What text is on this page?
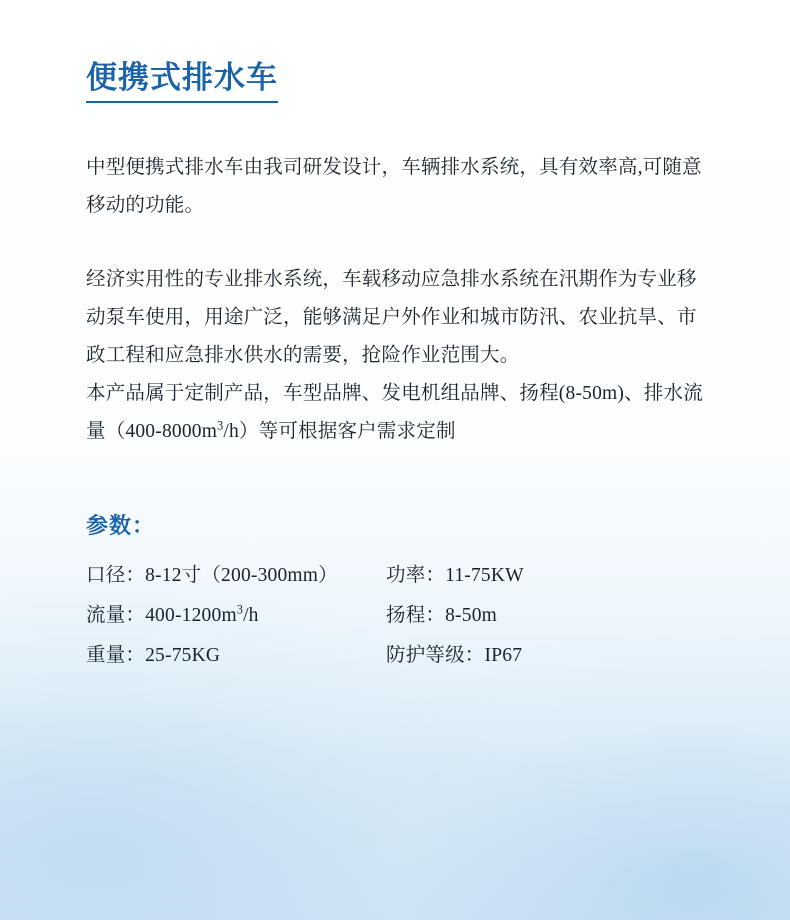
便携式排水车

中型便携式排水车由我司研发设计，车辆排水系统，具有效率高,可随意移动的功能。

经济实用性的专业排水系统，车载移动应急排水系统在汛期作为专业移动泵车使用，用途广泛，能够满足户外作业和城市防汛、农业抗旱、市政工程和应急排水供水的需要，抢险作业范围大。

本产品属于定制产品，车型品牌、发电机组品牌、扬程(8-50m)、排水流量$(400-8000m^3/h)$等可根据客户需求定制

参数：
口径：8-12寸（200-300mm）	功率：11-75KW
流量：$400-1200m^3/h$	扬程：8-50m
重量：25-75KG	防护等级：IP67
